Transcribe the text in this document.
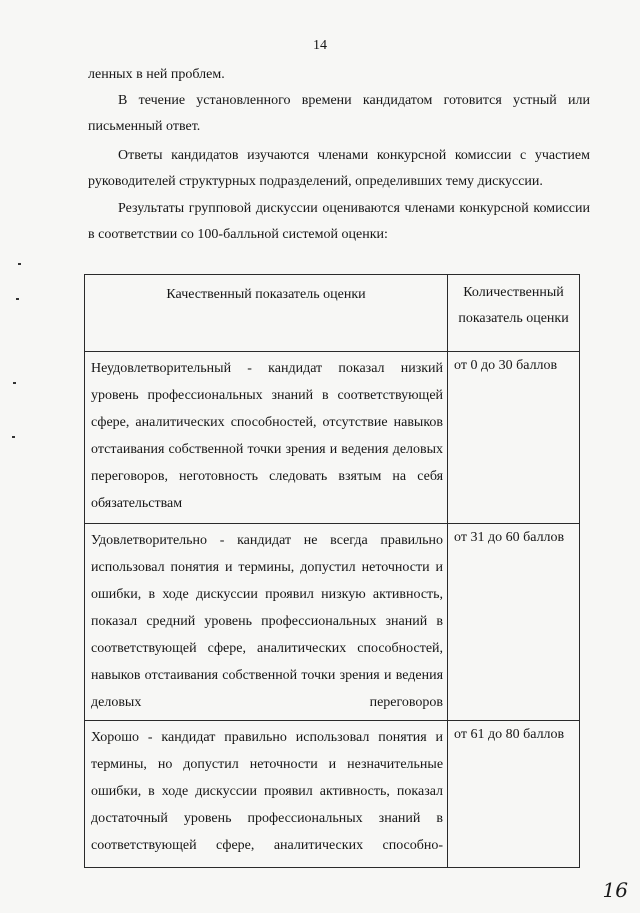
14

ленных в ней проблем.

В течение установленного времени кандидатом готовится устный или письменный ответ.

Ответы кандидатов изучаются членами конкурсной комиссии с участием руководителей структурных подразделений, определивших тему дискуссии.

Результаты групповой дискуссии оцениваются членами конкурсной комиссии в соответствии со 100-балльной системой оценки:

Качественный показатель оценки	Количественный показатель оценки
Неудовлетворительный - кандидат показал низкий уровень профессиональных знаний в соответствующей сфере, аналитических способностей, отсутствие навыков отстаивания собственной точки зрения и ведения деловых переговоров, неготовность следовать взятым на себя обязательствам	от 0 до 30 баллов
Удовлетворительно - кандидат не всегда правильно использовал понятия и термины, допустил неточности и ошибки, в ходе дискуссии проявил низкую активность, показал средний уровень профессиональных знаний в соответствующей сфере, аналитических способностей, навыков отстаивания собственной точки зрения и ведения деловых переговоров	от 31 до 60 баллов
Хорошо - кандидат правильно использовал понятия и термины, но допустил неточности и незначительные ошибки, в ходе дискуссии проявил активность, показал достаточный уровень профессиональных знаний в соответствующей сфере, аналитических способно-	от 61 до 80 баллов
16
